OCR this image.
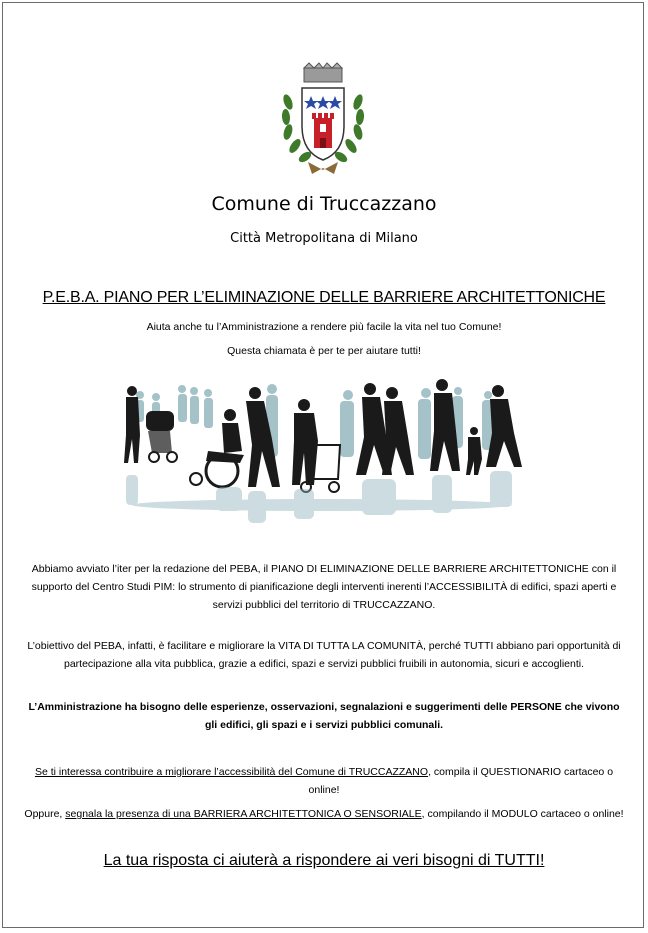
Comune di Truccazzano
Città Metropolitana di Milano
P.E.B.A. PIANO PER L’ELIMINAZIONE DELLE BARRIERE ARCHITETTONICHE
Aiuta anche tu l’Amministrazione a rendere più facile la vita nel tuo Comune!
Questa chiamata è per te per aiutare tutti!
Abbiamo avviato l’iter per la redazione del PEBA, il PIANO DI ELIMINAZIONE DELLE BARRIERE ARCHITETTONICHE con il supporto del Centro Studi PIM: lo strumento di pianificazione degli interventi inerenti l’ACCESSIBILITÀ di edifici, spazi aperti e servizi pubblici del territorio di TRUCCAZZANO.
L’obiettivo del PEBA, infatti, è facilitare e migliorare la VITA DI TUTTA LA COMUNITÀ, perché TUTTI abbiano pari opportunità di partecipazione alla vita pubblica, grazie a edifici, spazi e servizi pubblici fruibili in autonomia, sicuri e accoglienti.
L’Amministrazione ha bisogno delle esperienze, osservazioni, segnalazioni e suggerimenti delle PERSONE che vivono gli edifici, gli spazi e i servizi pubblici comunali.
Se ti interessa contribuire a migliorare l’accessibilità del Comune di TRUCCAZZANO, compila il QUESTIONARIO cartaceo o online!
Oppure, segnala la presenza di una BARRIERA ARCHITETTONICA O SENSORIALE, compilando il MODULO cartaceo o online!
La tua risposta ci aiuterà a rispondere ai veri bisogni di TUTTI!
